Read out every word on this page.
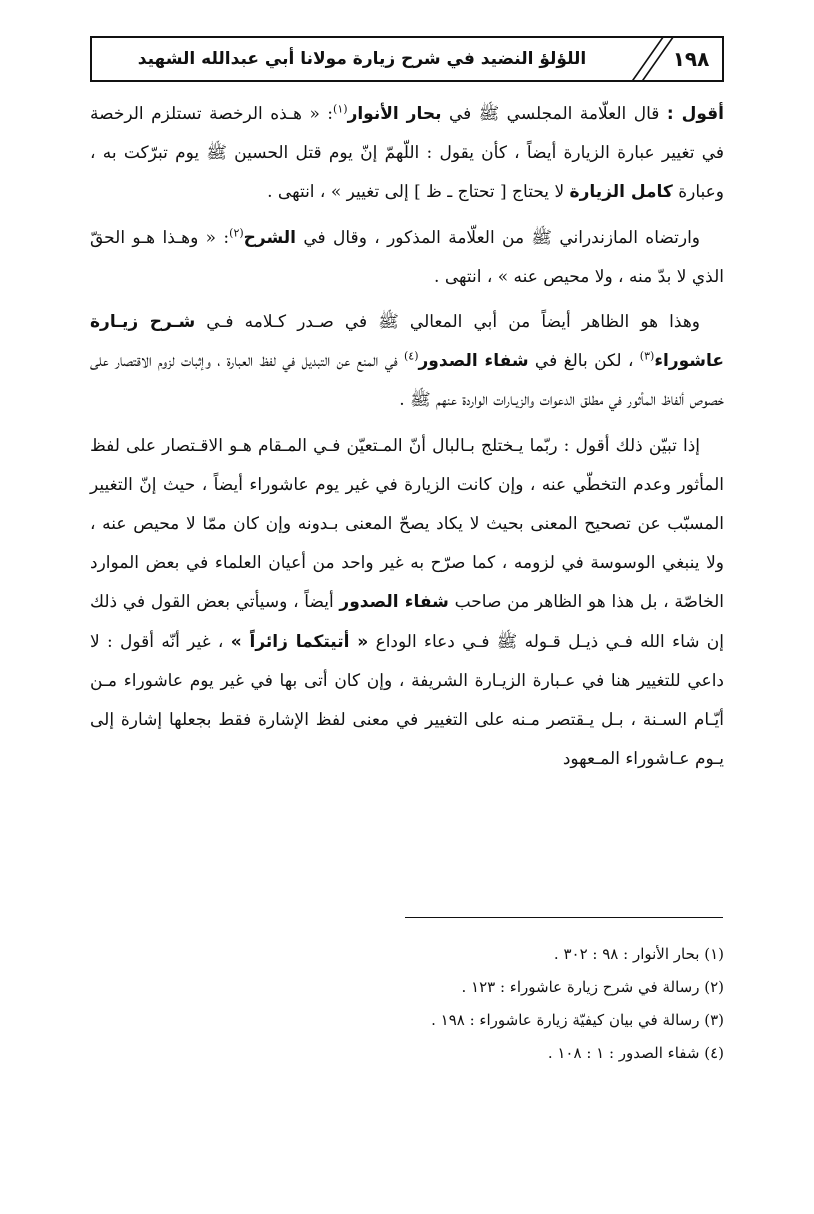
اللؤلؤ النضيد في شرح زيارة مولانا أبي عبدالله الشهيد	١٩٨

أقول : قال العلّامة المجلسي ﷺ في بحار الأنوار$^{(١)}$: « هـذه الرخصة تستلزم الرخصة في تغيير عبارة الزيارة أيضاً ، كأن يقول : اللّهمّ إنّ يوم قتل الحسين ﷺ يوم تبرّكت به ، وعبارة كامل الزيارة لا يحتاج [ تحتاج ـ ظ ] إلى تغيير » ، انتهى .

وارتضاه المازندراني ﷺ من العلّامة المذكور ، وقال في الشرح$^{(٢)}$: « وهـذا هـو الحقّ الذي لا بدّ منه ، ولا محيص عنه » ، انتهى .

وهذا هو الظاهر أيضاً من أبي المعالي ﷺ في صـدر كـلامه فـي شـرح زيـارة عاشوراء$^{(٣)}$ ، لكن بالغ في شفاء الصدور$^{(٤)}$ في المنع عن التبديل في لفظ العبارة ، وإثبات لزوم الاقتصار على خصوص ألفاظ المأثور في مطلق الدعوات والزيـارات الواردة عنهم ﷺ .

إذا تبيّن ذلك أقول : ربّما يـختلج بـالبال أنّ المـتعيّن فـي المـقام هـو الاقـتصار على لفظ المأثور وعدم التخطّي عنه ، وإن كانت الزيارة في غير يوم عاشوراء أيضاً ، حيث إنّ التغيير المسبّب عن تصحيح المعنى بحيث لا يكاد يصحّ المعنى بـدونه وإن كان ممّا لا محيص عنه ، ولا ينبغي الوسوسة في لزومه ، كما صرّح به غير واحد من أعيان العلماء في بعض الموارد الخاصّة ، بل هذا هو الظاهر من صاحب شفاء الصدور أيضاً ، وسيأتي بعض القول في ذلك إن شاء الله فـي ذيـل قـوله ﷺ فـي دعاء الوداع « أتيتكما زائراً » ، غير أنّه أقول : لا داعي للتغيير هنا في عـبارة الزيـارة الشريفة ، وإن كان أتى بها في غير يوم عاشوراء مـن أيّـام السـنة ، بـل يـقتصر مـنه على التغيير في معنى لفظ الإشارة فقط بجعلها إشارة إلى يـوم عـاشوراء المـعهود

(١) بحار الأنوار : ٩٨ : ٣٠٢ .
(٢) رسالة في شرح زيارة عاشوراء : ١٢٣ .
(٣) رسالة في بيان كيفيّة زيارة عاشوراء : ١٩٨ .
(٤) شفاء الصدور : ١ : ١٠٨ .
